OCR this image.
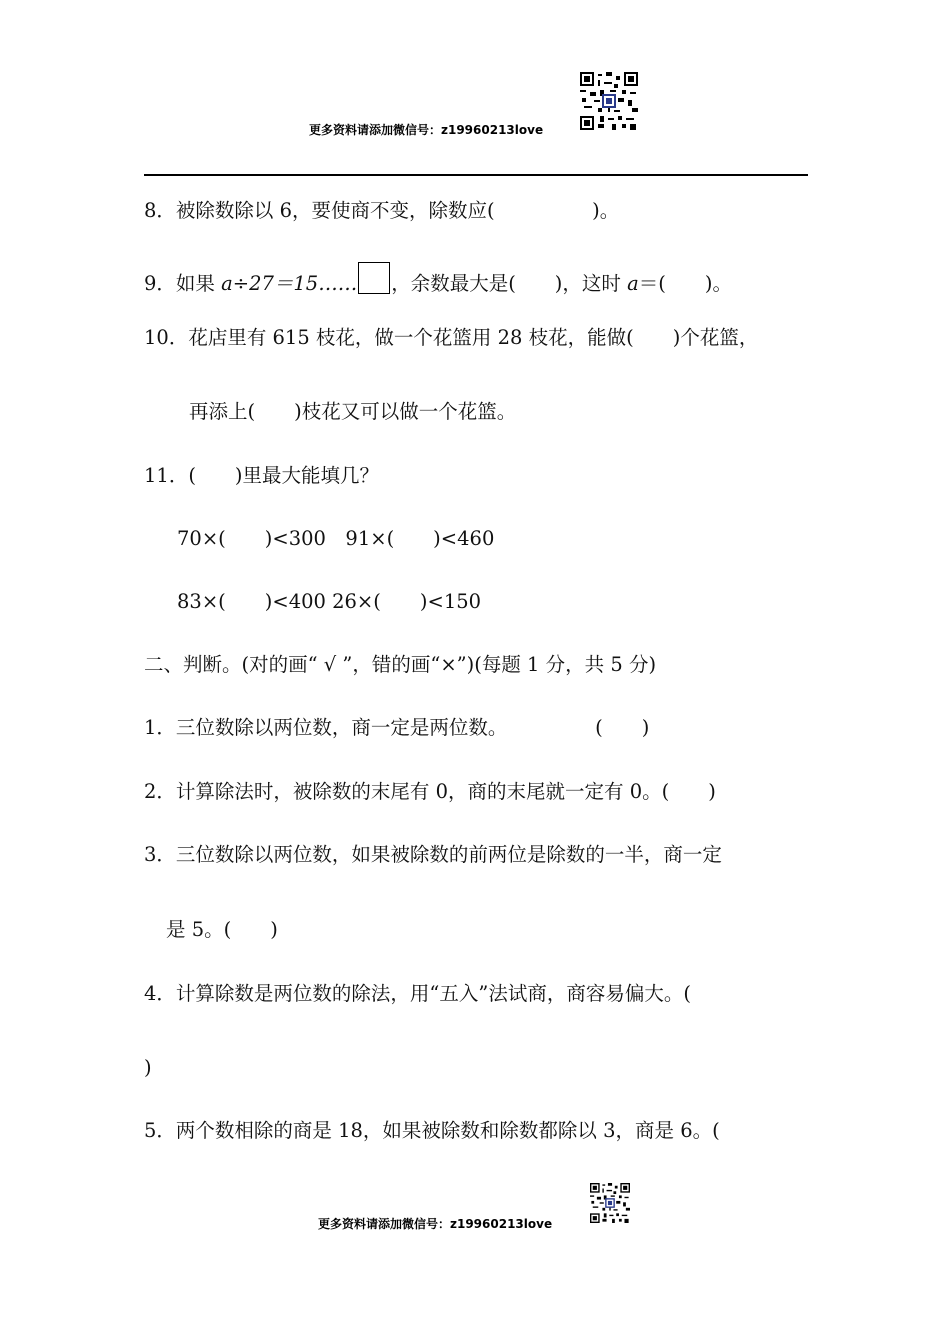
更多资料请添加微信号：z19960213love
8．被除数除以 6，要使商不变，除数应(　　　　　)。
9．如果 a÷27＝15…… ，余数最大是(　　)，这时 a＝(　　)。
10．花店里有 615 枝花，做一个花篮用 28 枝花，能做(　　)个花篮，
再添上(　　)枝花又可以做一个花篮。
11．(　　)里最大能填几？
70×(　　)<300　91×(　　)<460
83×(　　)<400 26×(　　)<150
二、判断。(对的画“ √ ”，错的画“×”)(每题 1 分，共 5 分)
1．三位数除以两位数，商一定是两位数。　　　　　(　　)
2．计算除法时，被除数的末尾有 0，商的末尾就一定有 0。(　　)
3．三位数除以两位数，如果被除数的前两位是除数的一半，商一定
是 5。(　　)
4．计算除数是两位数的除法，用“五入”法试商，商容易偏大。(
)
5．两个数相除的商是 18，如果被除数和除数都除以 3，商是 6。(
更多资料请添加微信号：z19960213love
